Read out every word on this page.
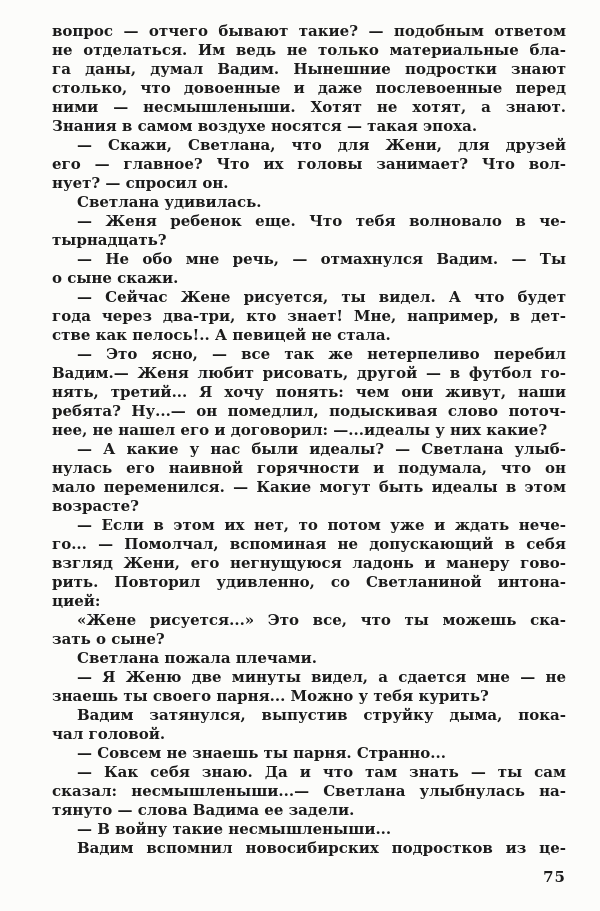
вопрос — отчего бывают такие? — подобным ответом
не отделаться. Им ведь не только материальные бла-
га даны, думал Вадим. Нынешние подростки знают
столько, что довоенные и даже послевоенные перед
ними — несмышленыши. Хотят не хотят, а знают.
Знания в самом воздухе носятся — такая эпоха.
— Скажи, Светлана, что для Жени, для друзей
его — главное? Что их головы занимает? Что вол-
нует? — спросил он.
Светлана удивилась.
— Женя ребенок еще. Что тебя волновало в че-
тырнадцать?
— Не обо мне речь, — отмахнулся Вадим. — Ты
о сыне скажи.
— Сейчас Жене рисуется, ты видел. А что будет
года через два-три, кто знает! Мне, например, в дет-
стве как пелось!.. А певицей не стала.
— Это ясно, — все так же нетерпеливо перебил
Вадим.— Женя любит рисовать, другой — в футбол го-
нять, третий... Я хочу понять: чем они живут, наши
ребята? Ну...— он помедлил, подыскивая слово поточ-
нее, не нашел его и договорил: —...идеалы у них какие?
— А какие у нас были идеалы? — Светлана улыб-
нулась его наивной горячности и подумала, что он
мало переменился. — Какие могут быть идеалы в этом
возрасте?
— Если в этом их нет, то потом уже и ждать нече-
го... — Помолчал, вспоминая не допускающий в себя
взгляд Жени, его негнущуюся ладонь и манеру гово-
рить. Повторил удивленно, со Светланиной интона-
цией:
«Жене рисуется...» Это все, что ты можешь ска-
зать о сыне?
Светлана пожала плечами.
— Я Женю две минуты видел, а сдается мне — не
знаешь ты своего парня... Можно у тебя курить?
Вадим затянулся, выпустив струйку дыма, пока-
чал головой.
— Совсем не знаешь ты парня. Странно...
— Как себя знаю. Да и что там знать — ты сам
сказал: несмышленыши...— Светлана улыбнулась на-
тянуто — слова Вадима ее задели.
— В войну такие несмышленыши...
Вадим вспомнил новосибирских подростков из це-
75
